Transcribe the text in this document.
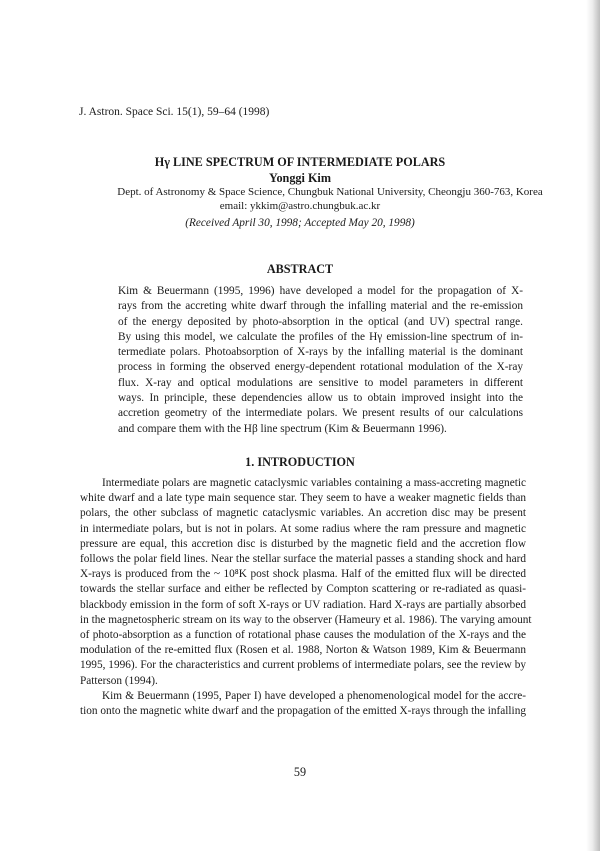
J. Astron. Space Sci. 15(1), 59–64 (1998)
Hγ LINE SPECTRUM OF INTERMEDIATE POLARS
Yonggi Kim
Dept. of Astronomy & Space Science, Chungbuk National University, Cheongju 360-763, Korea
email: ykkim@astro.chungbuk.ac.kr
(Received April 30, 1998; Accepted May 20, 1998)
ABSTRACT
Kim & Beuermann (1995, 1996) have developed a model for the propagation of X-
rays from the accreting white dwarf through the infalling material and the re-emission
of the energy deposited by photo-absorption in the optical (and UV) spectral range.
By using this model, we calculate the profiles of the Hγ emission-line spectrum of in-
termediate polars. Photoabsorption of X-rays by the infalling material is the dominant
process in forming the observed energy-dependent rotational modulation of the X-ray
flux. X-ray and optical modulations are sensitive to model parameters in different
ways. In principle, these dependencies allow us to obtain improved insight into the
accretion geometry of the intermediate polars. We present results of our calculations
and compare them with the Hβ line spectrum (Kim & Beuermann 1996).
1. INTRODUCTION
Intermediate polars are magnetic cataclysmic variables containing a mass-accreting magnetic
white dwarf and a late type main sequence star. They seem to have a weaker magnetic fields than
polars, the other subclass of magnetic cataclysmic variables. An accretion disc may be present
in intermediate polars, but is not in polars. At some radius where the ram pressure and magnetic
pressure are equal, this accretion disc is disturbed by the magnetic field and the accretion flow
follows the polar field lines. Near the stellar surface the material passes a standing shock and hard
X-rays is produced from the ~ 10⁸K post shock plasma. Half of the emitted flux will be directed
towards the stellar surface and either be reflected by Compton scattering or re-radiated as quasi-
blackbody emission in the form of soft X-rays or UV radiation. Hard X-rays are partially absorbed
in the magnetospheric stream on its way to the observer (Hameury et al. 1986). The varying amount
of photo-absorption as a function of rotational phase causes the modulation of the X-rays and the
modulation of the re-emitted flux (Rosen et al. 1988, Norton & Watson 1989, Kim & Beuermann
1995, 1996). For the characteristics and current problems of intermediate polars, see the review by
Patterson (1994).
Kim & Beuermann (1995, Paper I) have developed a phenomenological model for the accre-
tion onto the magnetic white dwarf and the propagation of the emitted X-rays through the infalling
59
